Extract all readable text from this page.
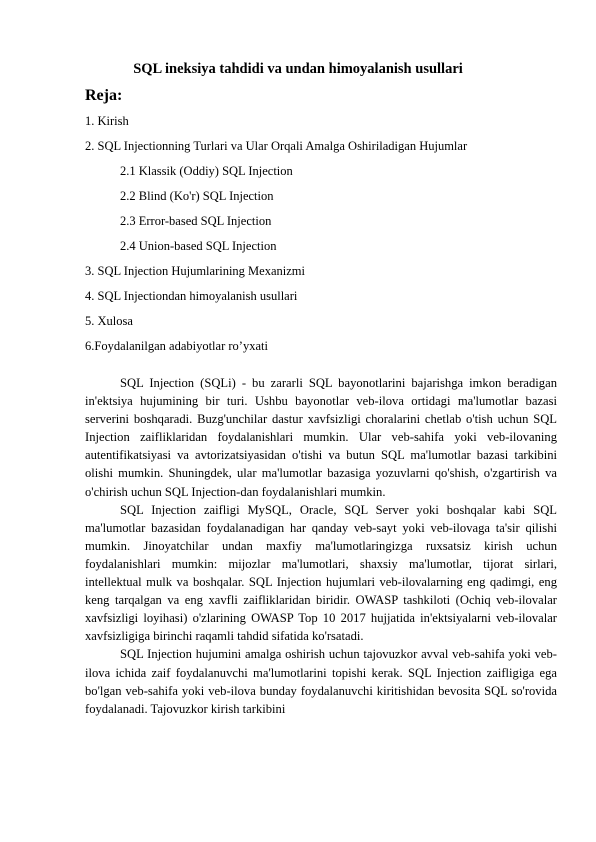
SQL ineksiya tahdidi va undan himoyalanish usullari
Reja:
1. Kirish
2. SQL Injectionning Turlari va Ular Orqali Amalga Oshiriladigan Hujumlar
2.1 Klassik (Oddiy) SQL Injection
2.2 Blind (Ko'r) SQL Injection
2.3 Error-based SQL Injection
2.4 Union-based SQL Injection
3. SQL Injection Hujumlarining Mexanizmi
4. SQL Injectiondan himoyalanish usullari
5. Xulosa
6.Foydalanilgan adabiyotlar ro’yxati

SQL Injection (SQLi) - bu zararli SQL bayonotlarini bajarishga imkon beradigan in'ektsiya hujumining bir turi. Ushbu bayonotlar veb-ilova ortidagi ma'lumotlar bazasi serverini boshqaradi. Buzg'unchilar dastur xavfsizligi choralarini chetlab o'tish uchun SQL Injection zaifliklaridan foydalanishlari mumkin. Ular veb-sahifa yoki veb-ilovaning autentifikatsiyasi va avtorizatsiyasidan o'tishi va butun SQL ma'lumotlar bazasi tarkibini olishi mumkin. Shuningdek, ular ma'lumotlar bazasiga yozuvlarni qo'shish, o'zgartirish va o'chirish uchun SQL Injection-dan foydalanishlari mumkin.

SQL Injection zaifligi MySQL, Oracle, SQL Server yoki boshqalar kabi SQL ma'lumotlar bazasidan foydalanadigan har qanday veb-sayt yoki veb-ilovaga ta'sir qilishi mumkin. Jinoyatchilar undan maxfiy ma'lumotlaringizga ruxsatsiz kirish uchun foydalanishlari mumkin: mijozlar ma'lumotlari, shaxsiy ma'lumotlar, tijorat sirlari, intellektual mulk va boshqalar. SQL Injection hujumlari veb-ilovalarning eng qadimgi, eng keng tarqalgan va eng xavfli zaifliklaridan biridir. OWASP tashkiloti (Ochiq veb-ilovalar xavfsizligi loyihasi) o'zlarining OWASP Top 10 2017 hujjatida in'ektsiyalarni veb-ilovalar xavfsizligiga birinchi raqamli tahdid sifatida ko'rsatadi.

SQL Injection hujumini amalga oshirish uchun tajovuzkor avval veb-sahifa yoki veb-ilova ichida zaif foydalanuvchi ma'lumotlarini topishi kerak. SQL Injection zaifligiga ega bo'lgan veb-sahifa yoki veb-ilova bunday foydalanuvchi kiritishidan bevosita SQL so'rovida foydalanadi. Tajovuzkor kirish tarkibini
